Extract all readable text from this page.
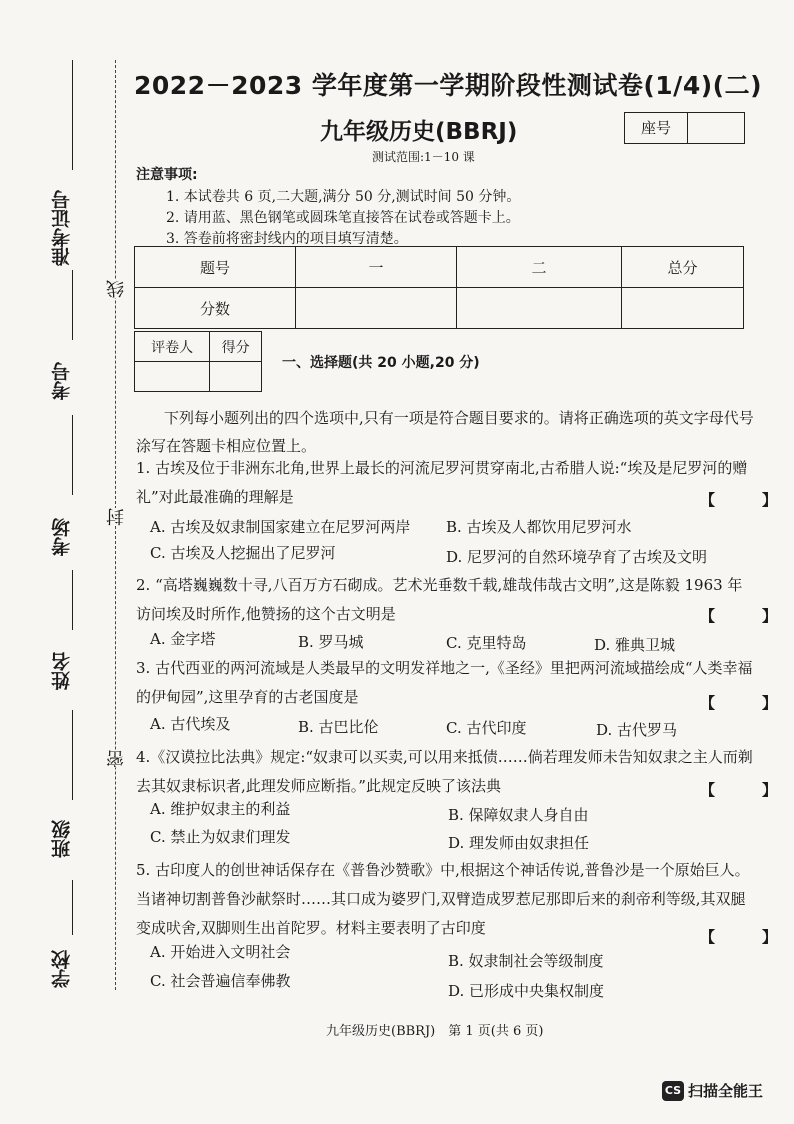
准考证号
考号
考场
姓名
班级
学校
线
封
密
2022－2023 学年度第一学期阶段性测试卷(1/4)(二)
九年级历史(BBRJ)	座号
测试范围:1－10 课
注意事项:
1. 本试卷共 6 页,二大题,满分 50 分,测试时间 50 分钟。
2. 请用蓝、黑色钢笔或圆珠笔直接答在试卷或答题卡上。
3. 答卷前将密封线内的项目填写清楚。
题号	一	二	总分
分数			
评卷人	得分

一、选择题(共 20 小题,20 分)
下列每小题列出的四个选项中,只有一项是符合题目要求的。请将正确选项的英文字母代号涂写在答题卡相应位置上。
1. 古埃及位于非洲东北角,世界上最长的河流尼罗河贯穿南北,古希腊人说:“埃及是尼罗河的赠礼”对此最准确的理解是	【　】
A. 古埃及奴隶制国家建立在尼罗河两岸 B. 古埃及人都饮用尼罗河水
C. 古埃及人挖掘出了尼罗河	D. 尼罗河的自然环境孕育了古埃及文明
2. “高塔巍巍数十寻,八百万方石砌成。艺术光垂数千载,雄哉伟哉古文明”,这是陈毅 1963 年访问埃及时所作,他赞扬的这个古文明是	【　】
A. 金字塔	B. 罗马城	C. 克里特岛	D. 雅典卫城
3. 古代西亚的两河流域是人类最早的文明发祥地之一,《圣经》里把两河流域描绘成“人类幸福的伊甸园”,这里孕育的古老国度是	【　】
A. 古代埃及	B. 古巴比伦	C. 古代印度	D. 古代罗马
4.《汉谟拉比法典》规定:“奴隶可以买卖,可以用来抵债……倘若理发师未告知奴隶之主人而剃去其奴隶标识者,此理发师应断指。”此规定反映了该法典	【　】
A. 维护奴隶主的利益	B. 保障奴隶人身自由
C. 禁止为奴隶们理发	D. 理发师由奴隶担任
5. 古印度人的创世神话保存在《普鲁沙赞歌》中,根据这个神话传说,普鲁沙是一个原始巨人。当诸神切割普鲁沙献祭时……其口成为婆罗门,双臂造成罗惹尼那即后来的刹帝利等级,其双腿变成吠舍,双脚则生出首陀罗。材料主要表明了古印度	【　】
A. 开始进入文明社会	B. 奴隶制社会等级制度
C. 社会普遍信奉佛教
D. 已形成中央集权制度
九年级历史(BBRJ)　第 1 页(共 6 页)
CS 扫描全能王
